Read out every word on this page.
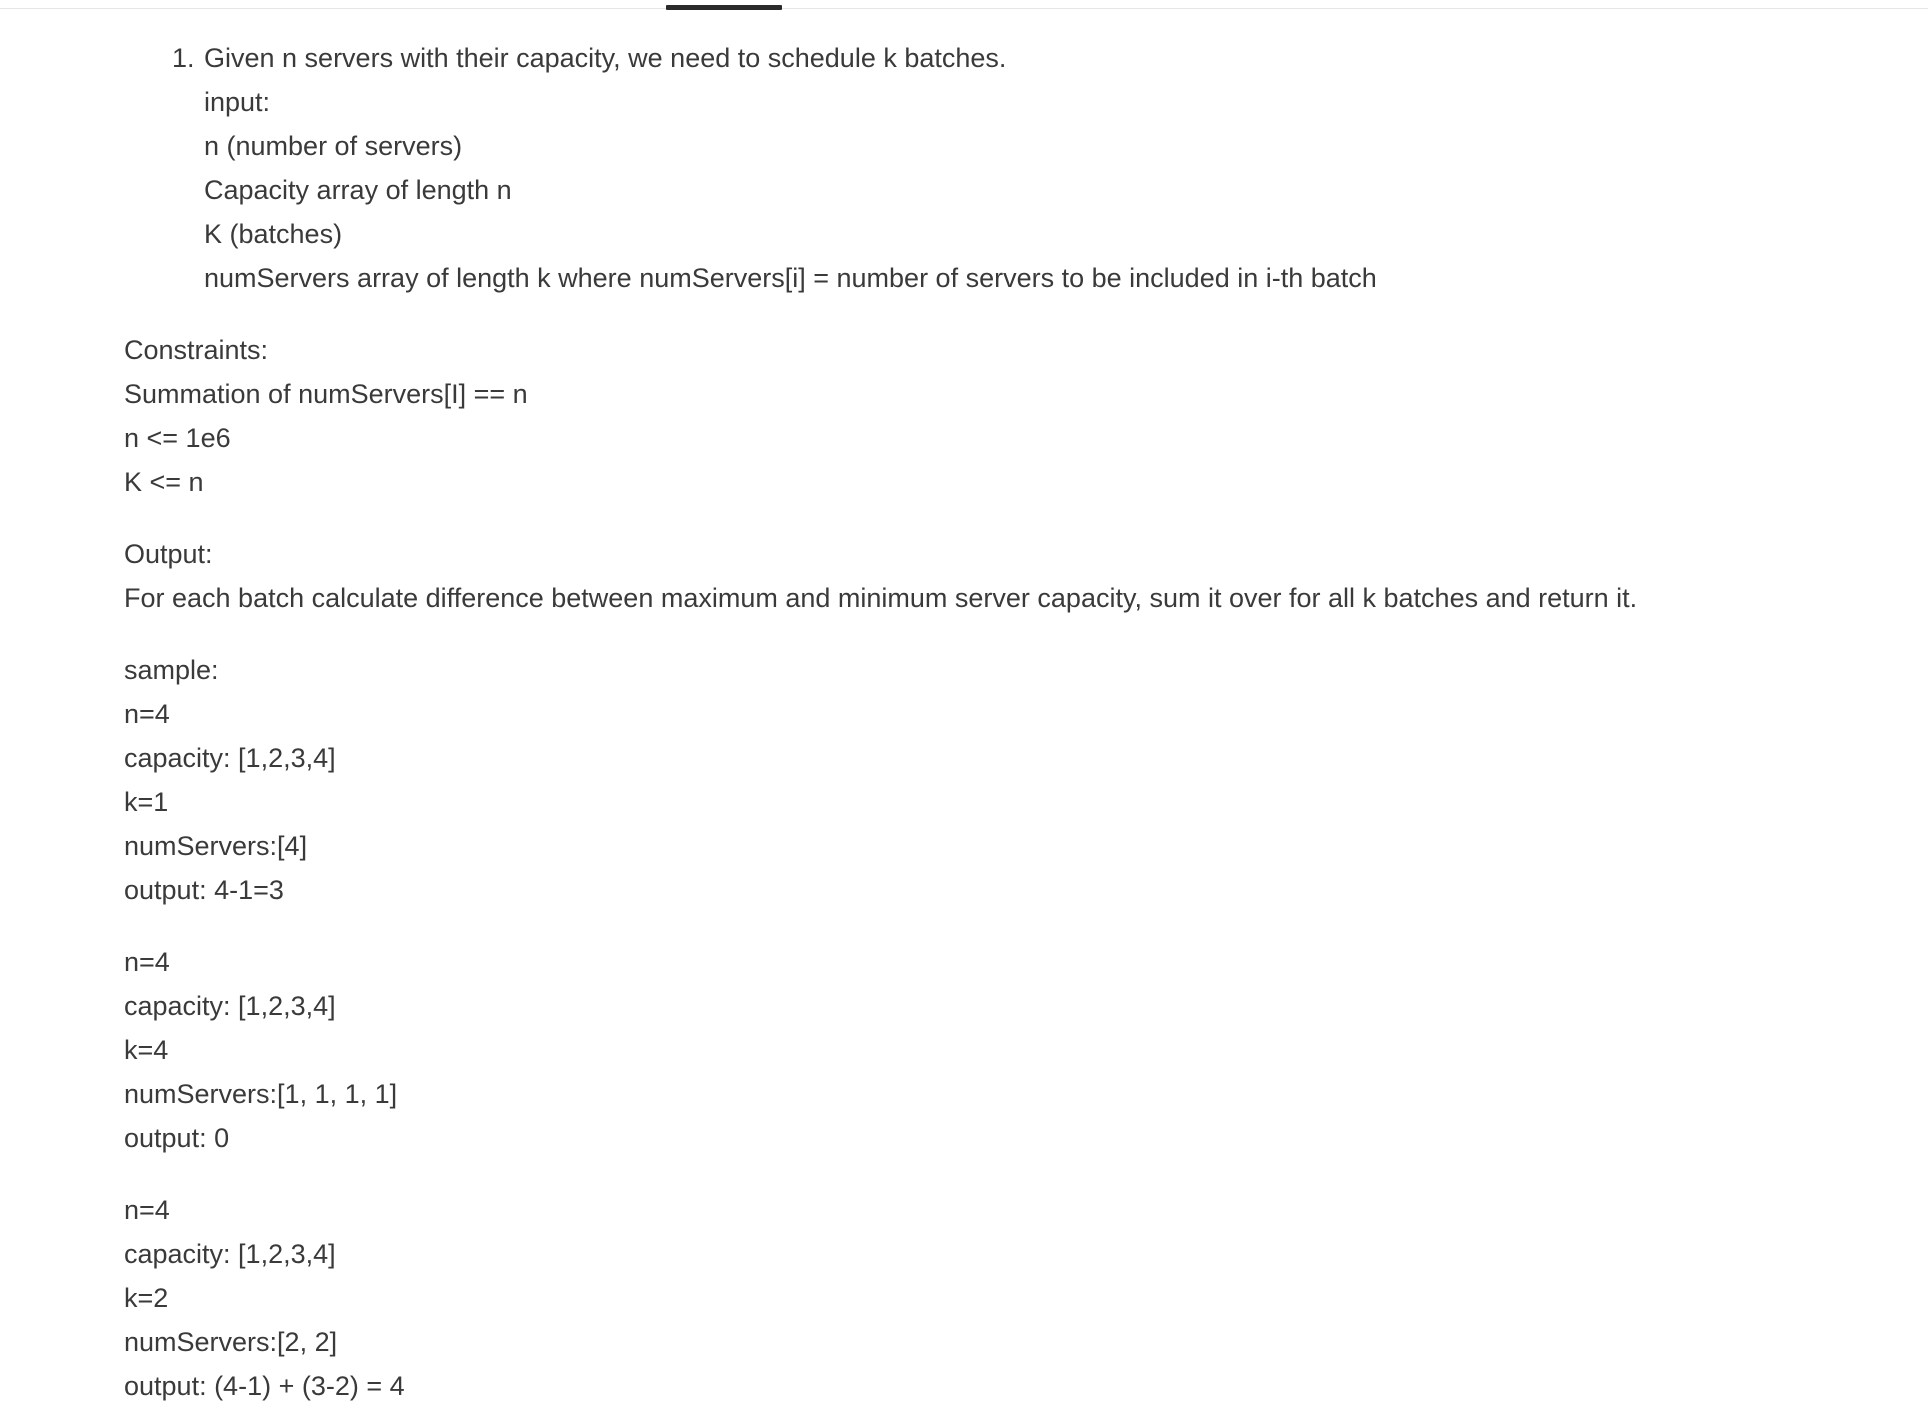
1. Given n servers with their capacity, we need to schedule k batches.
input:
n (number of servers)
Capacity array of length n
K (batches)
numServers array of length k where numServers[i] = number of servers to be included in i-th batch
Constraints:
Summation of numServers[I] == n
n <= 1e6
K <= n
Output:
For each batch calculate difference between maximum and minimum server capacity, sum it over for all k batches and return it.
sample:
n=4
capacity: [1,2,3,4]
k=1
numServers:[4]
output: 4-1=3
n=4
capacity: [1,2,3,4]
k=4
numServers:[1, 1, 1, 1]
output: 0
n=4
capacity: [1,2,3,4]
k=2
numServers:[2, 2]
output: (4-1) + (3-2) = 4
